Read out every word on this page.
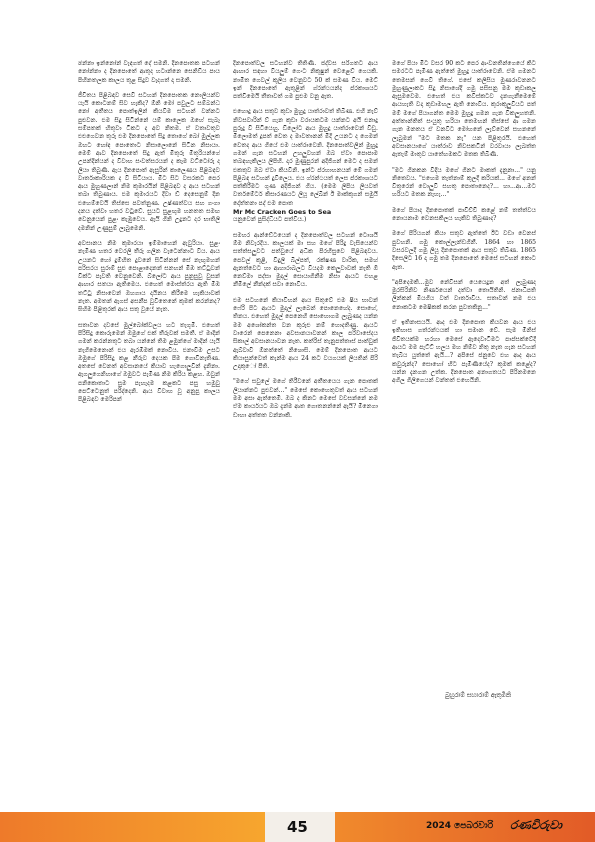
ඡන්නා ඉන්නෝන් වැඳගත් දේ සමනි. දිනපොතක පටහන් නෝන්නා ද දිනපොතේ ආතුද හටාන්නෙ සෙනිඩිය පාය පිහිනතලක කාලය තුළ සිදුව වැදගත් දා සමනි.

ජීවිතය පිළිබඳව සෙවී සටහන් දිනපොතක නොලියන්ව යැයි කොටනම් සිව හැකිද? ඕනි මෝ පවුලට සම්බන්ධ නෝ අතීතය පොත්ඉලින් කියවිම සටහන් වන්නට පුළුවන. එම සිදු සිටින්නේ යම් කාලෙක ඔහේ සැබෑ සම්පතක් හිතුවා ටිකට ද අව නිතම. ඒ වතාවතුව එළුගෙවන තුරු එම දිනපොතේ සිදු තොගේ බෝ මුල්ලක ඔහට හෝඳ පොතොට නිසාලොනේ සිටින නිසායා. මෙම් ආව දිනපොතේ සිදු ඇත් මිතුරු මිතුරියන්ගේ උපන්දින්යන් ද විවාහ සංවත්සරයන් ද කෑම වට්ටෝරු ද ලියා තිබුණි. ඇය දිනපොත් ඇසුරින් කාලෙණය පිළිබඳව වාර්තාකාරියක ද වී සිටියාය. මිට සිට වසරකට පෙර ආය මුහුණලාන් නිම කුමාරයින් පිළිබඳව ද ආය සටහන් තබා තිබුණාය. එම කුමාරයට දිවා ඩ් දෙසෙනුම් දින එහෙම්වෙයි තිස්සෙ පවත්නුණ. උෂ්ණත්වය සහ ගංගා දනය දත්වා හතර වටුවේ. සුයට සුළඟුම හනතත සමඟ වෙනුයෙන් පුළං කැඹුවෙය. ඇයි ගිනි උදුනට දර භාතිලි දමනින් උණුසුම් ලැබුමෙනි.

අවසානය නිම කුමාරයා ඉම්මාහෙන් ඇවුරියා. සුළං නැමිණ හතර වෙරලි තීරු ගලින වැටෙන්නාට වීය. ආය උයනට හෝ දුම්හිත දුවනේ සිටින්නන් සේ නැඟුමහන් පරිසරය සුරාම් සුළු පොළාදෙනන් සනහන් මිඹ තට්ටුවන් වික්ට පැවති වෙනුවෙනි. බ්ලෝට ආය පුනුසුවු වුසන් ආහාර සතයා ඇතිමෙය. එහෙත් මොස්ත්රය ඇති මිඹ තට්ටු නිසාවෙන් ඔහගාය දායිනය කිරීමෙ හැකියාවක් නැත. අමතන් ඇගස් අසනීප වූවිතෙනේ කුමක් කරන්නද? ඝිහිම පිළිතුරක් ආය සතු වූයේ නැත.

සතාවන දවසේ මුල්බෝක්වලය හට තැගුමි. එහෙත් පිරිසිදු කොරුමෙන් ඔමුගේ එක් තීරුවක් සමතී. ඒ මාදින් ගමන් කරන්නතුට තබා යන්නේ තිම ළමුන්ගේ මාදින් යැයි නැගිමෙනොන් එය ඇරඹිමක් නොවීය. එනාවිම උසට ඔමුගේ පිරිසිදු කළ නීරුව දෙයක පිම ගොවිනැතිණ. අතසේ වෙනත් අවසානයේ කියාව හැගොලුවින් දැනිනා. ඇගලුගෙනිහාගේ ඔමුවට පැමිණ නිම කිරිය කළහ. ඔවුන් පනිකොතාට සුම පැහැදම කළකට පසු හමුවු පෙට්ටෙනුත් පරිද්දෙනි. ආය විවාහ වූ අනුපු කාලය පිළිබඳව මෙරිපන්

දිනපොත්වල සටහන්ව තිතිණි. ජද්වස සරිගතට ආය ආහාර සඳහා වියලුම් ගෙංට නිකුෂුන් වෙළෙව් ගෙයකි. නාමිත ගෙවල් කූලිය වෙනුවට 50 ක් සමණ විය. මෙට් ඉන් දිනපොතේ ඇතුළින් ග්රන්ථයන්ද ප්රකාශයට පත්විමෙයි තීතාවත් ගම පුළුම වනු ඇත.

එහොදු ආය සතුව කුඩා මුහුදු යාත්රාවත් තිබිණ. එහි නැව් නිවසවාරින් ව් ගැන කුඩා වරායකටම යන්නට අයි එනාදු පුරුදු වී සිටියෙහු. ඩිලෝට ආය මුහුදු යාත්රාවෙන් වීඩු. මිලොමත් දූපත් වෙත ද මාවතානන් මිදි උයනට ද ගෙමන් වෙතද ආය ගියේ එම යාත්රාවෙනි. දිනපොත්වලින් මුහුදු ගමන් ගැන සටහන් උහලුවහන් ඔබ ඒවා පොපාම තබඳහැකිලය ලිපිහි. දාර මුණුපුරන් අදිජිගන් මෙට ද සමන් එකතුව ඔබ ඒවා කියවිනි. ඉන්ට ප්රහාහනයන් මේ ගමන් පිළිබඳ සටහන් දුවිලෙය. එය ග්රන්ථයත් ලෙස ප්රකාශයට පත්කිරීමට ගුණ අදිජිගන් ගිය. (මෙම ලිපිය ලියවත් වර්තමේටර් කිසාරණයට ලියූ ලේඛින් ඊ මාක්කුගන් සමුයි දෝත්තනා පද් එම පොත

Mr Mc Cracken Goes to Sea

යනුවෙන් පුසිද්ධියට පත්විය.)

සමහර ආන්ඩේටයෙන් ද දිනපොත්වල සටහන් ටොශයි ඕම නිවැරදිය. කාලයක් මා සහ මගේ පිරිදු වැසියෙන්ව සත්ත්සලුවට පත්වුයේ අධික පිරහීසුවෙ පිළිබඳවය. පෙවල් කුළී, විදුලි බිල්පත්, රක්ෂණ වාරික, සමහ් ඇනත්වෙට හා ආහාරාබලට වියදම කෙලුවාවක් නැති ඕ නෙව්මා පද්සා මුදල් සොයාගිනීම නිසා ආයට එහළ නීමිලේ නීන්දක් සවා නොවිය.

එම සටහනේ කියාවිහන් ආය සිතුවේ එම ෂිය භාවන් ෆේරි පිට ආයට මුදල් ලැබෙන් පොනෙහේද. සොහේ, තිනය. එහෙත් මුදල් පෙනෙහි සොහොගම ලැබුණද යන්න මම අශෝකන්ත වන කුරුළු නම් හොදතිණු. ආයට වාරෙන් පෙනෙනා අවසානයාවනන් කාල පරිවාසේදය සිකාල් අවසානයාවන නෑත. කත්රිස් තැනුපත්තාස් පාත්වුක් ඇබ්වාවී ඕනත්තේ නිශොසි. මෙම් දිනපොත ආයට කියාසුන්වෙත් කැන්ම ආය 24 කට වයගයක් ලියතින් පිරි උදාකුෝ පීති.

"මගේ සවුලේ මගේ තිරීවනේ අතීතයෙය ගැන පොතක් ලියාන්නට පුළුවන්..." මෙසේ කොහෙතුවත් ආය සටහන් මම අසා ඇත්තෙමී. ඔබ ද කිනට මෙසේ වචසන්නේ නම ඒම කාර්යයට ඔබ දැන්ම ආත ගොතනන්නේ ඇයි? මිනෙගා ඩාහා අත්තත වන්නාකි.

මගේ පියා මිට වසර 90 කට පෙර ආංවනතින්ගෙයේ කිට සමරටට පැමිණ ඇත්තේ මුහුදු යාත්රාවෙනි. ඒම ගමනට තෙමසන් ගෙවී තිගේ. එසේ කලිසිය මුණරාවනනට මුහුණුලාකට සිදු නිසාශේදි ගමු පසිසනු මම කුඩාකල ඇසුමවෙම. එහෙත් එය කවිස්කටව දැනගැනීමෙමේ ආයහැති වදා කුඩාමහල ඇති නොවිය. කුරාකුලුවියට පත් මම් මගේ පියාගන්ත මෙම මුහුදු ගමන ගැන විකලුහතනි. අත්තාන්තිත් සංයුතු හරියා තෙමහන් තිස්සේ ආ ගමන ගැන මනතය ඒ වනවිට මෝහනේ ලැව්වෙන් සහනනේ ලැබුමන් "මට මතක නැ" යන පිළිතුරයි. එහෙත් අවසානයාගේ යාත්රාව නිවසකටින් වරවායා ලැඛත්ත ඇතැම් මාතුව යාතේහමකට මතක තිබිණි.

"මට ගිනකන වීදිය මගේ ගිනට මාකත් දැනුනා..." යනු නිතෙවය. "එහෙම තැත්නාම් කුලදී කරියක්... මගේ අනන් විතුරෙන් වොලුවි සහතු පොතානෙද?... හා...ආ...මට හරියට මතක නැහැ..."

මගේ පියාද දිනපොතක් පාවිච්චි කළේ නම් තත්ත්වය නොයනාම වෙනසකිලය හැකිව තිබුණාද?

මගේ පිරියගන් කියා සතුව ඇත්තේ ඊට වඩා වෙනස් පුවහනි. ගමු කොල්ලැන්ඩගිනී. 1864 හා 1865 වසරවලදී ගමු ලියූ දිනපොතක් ආය සතුව තිබිණ. 1865 දිසෙලිට 16 දා ගමු තම දිනපොතේ මෙසේ සටහන් කොට ඇත.

"අපිදෙමකි...මුව නේවිසන් යෙයෙදුන අත් ලැබුණද මුරසිරිනිව නිර්ණයෙන් දත්වා තොයිතිනි. ජනාධිපති ලින්කන් මියගිය වත් වාර්තාවිය. සතාවන් නම එය නොකටම මෙෂිකක් කරන පුවතකිනු..."

ඒ ඉතිනාසයයි. ආද එම දිනපොත කියවන ආය එය ඉතිහාස ගත්රන්ථයක් හා සමාන වේ. සැම මිනිස් ජිවිතයක්ම හරහා මෙසේ ඇදෙවාටිමට පාප්සක්වේදී ආයට මම පැට්ට් හලය මහ නිම්ව නිතු නැත ගැන සටහන් තැබීය යුත්තේ ඇයි...? අපිසේ ජනුවෙ එහ ආද ආය කවුරුන්ද? සොහෝ හිට පැමිණියේද? කුමක් කළේද? යන්න දැනගන උත්ක. දිනපොත අනාගතයට පිරිනමනෙ අගිල ගිලිගෙයන් වන්තත් එහෙයිනි.

බුහුරාම් සහාරාම් ඇතුමිකි
45	2024 පෙබරවාරි රණවිරුවා
